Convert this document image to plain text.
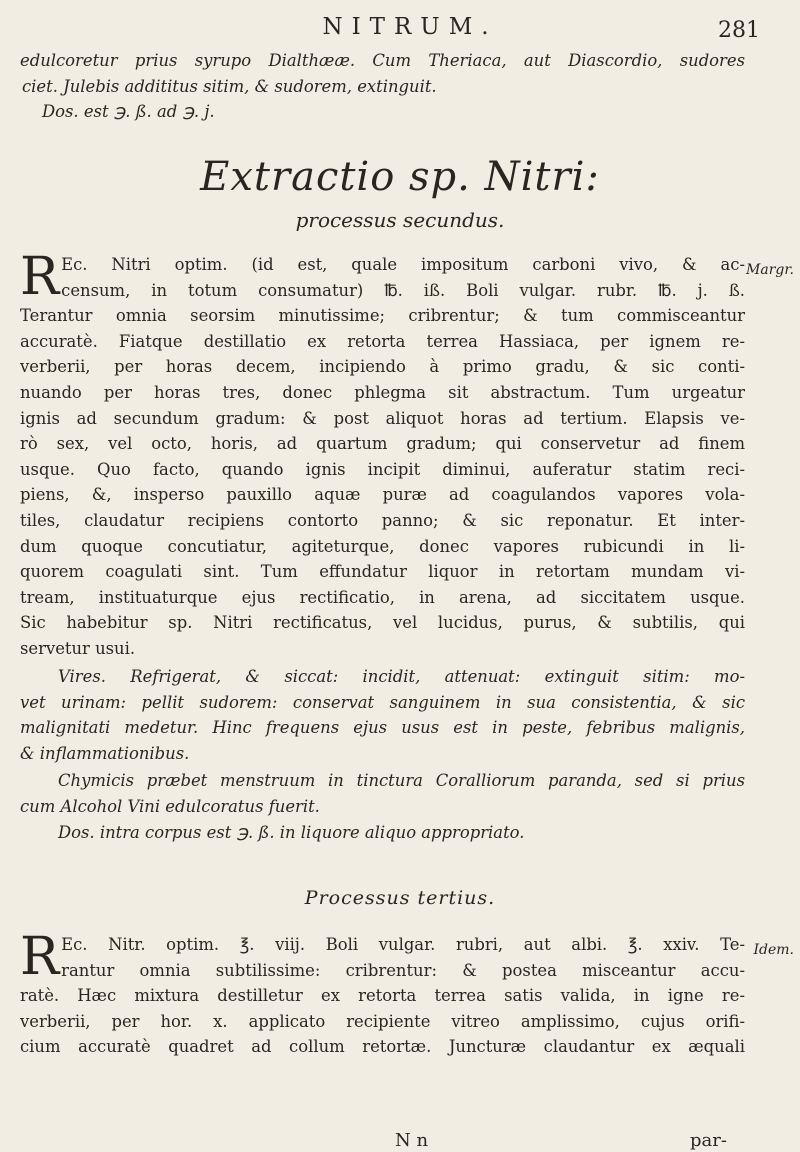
NITRUM.	281
edulcoretur prius syrupo Dialthææ. Cum Theriaca, aut Diascordio, sudores
ciet. Julebis addititus sitim, & sudorem, extinguit.
Dos. est ℈. ß. ad ℈. j.
Extractio sp. Nitri:
processus secundus.
R Ec. Nitri optim. (id est, quale impositum carboni vivo, & ac-
censum, in totum consumatur) ℔. iß. Boli vulgar. rubr. ℔. j. ß.
Terantur omnia seorsim minutissime; cribrentur; & tum commisceantur
accuratè. Fiatque destillatio ex retorta terrea Hassiaca, per ignem re-
verberii, per horas decem, incipiendo à primo gradu, & sic conti-
nuando per horas tres, donec phlegma sit abstractum. Tum urgeatur
ignis ad secundum gradum: & post aliquot horas ad tertium. Elapsis ve-
rò sex, vel octo, horis, ad quartum gradum; qui conservetur ad finem
usque. Quo facto, quando ignis incipit diminui, auferatur statim reci-
piens, &, insperso pauxillo aquæ puræ ad coagulandos vapores vola-
tiles, claudatur recipiens contorto panno; & sic reponatur. Et inter-
dum quoque concutiatur, agiteturque, donec vapores rubicundi in li-
quorem coagulati sint. Tum effundatur liquor in retortam mundam vi-
tream, instituaturque ejus rectificatio, in arena, ad siccitatem usque.
Sic habebitur sp. Nitri rectificatus, vel lucidus, purus, & subtilis, qui
servetur usui.
Margr.
Vires. Refrigerat, & siccat: incidit, attenuat: extinguit sitim: mo-
vet urinam: pellit sudorem: conservat sanguinem in sua consistentia, & sic
malignitati medetur. Hinc frequens ejus usus est in peste, febribus malignis,
& inflammationibus.
Chymicis præbet menstruum in tinctura Coralliorum paranda, sed si prius
cum Alcohol Vini edulcoratus fuerit.
Dos. intra corpus est ℈. ß. in liquore aliquo appropriato.
Processus tertius.
R Ec. Nitr. optim. ℥. viij. Boli vulgar. rubri, aut albi. ℥. xxiv. Te-
rantur omnia subtilissime: cribrentur: & postea misceantur accu-
ratè. Hæc mixtura destilletur ex retorta terrea satis valida, in igne re-
verberii, per hor. x. applicato recipiente vitreo amplissimo, cujus orifi-
cium accuratè quadret ad collum retortæ. Juncturæ claudantur ex æquali
Idem.
N n	par-
